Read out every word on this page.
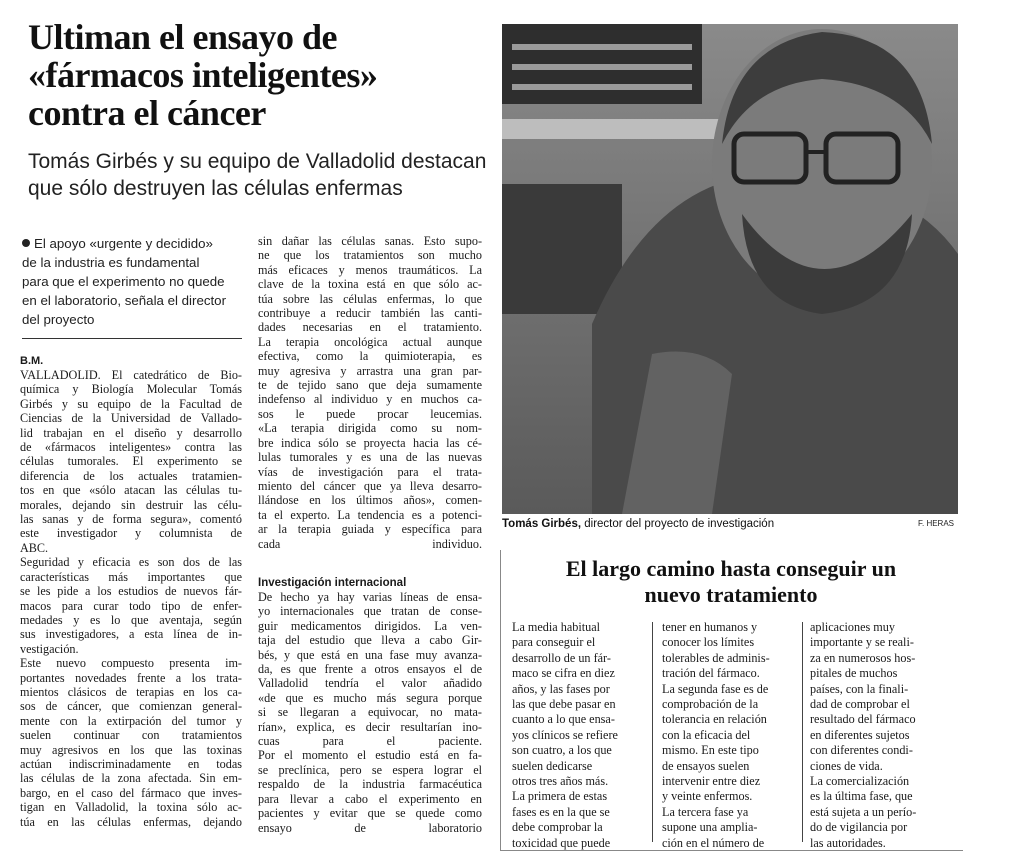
Ultiman el ensayo de
«fármacos inteligentes»
contra el cáncer
Tomás Girbés y su equipo de Valladolid destacan
que sólo destruyen las células enfermas
El apoyo «urgente y decidido»
de la industria es fundamental
para que el experimento no quede
en el laboratorio, señala el director
del proyecto
B.M.
VALLADOLID. El catedrático de Bio-
química y Biología Molecular Tomás
Girbés y su equipo de la Facultad de
Ciencias de la Universidad de Vallado-
lid trabajan en el diseño y desarrollo
de «fármacos inteligentes» contra las
células tumorales. El experimento se
diferencia de los actuales tratamien-
tos en que «sólo atacan las células tu-
morales, dejando sin destruir las célu-
las sanas y de forma segura», comentó
este investigador y columnista de
ABC.
Seguridad y eficacia es son dos de las
características más importantes que
se les pide a los estudios de nuevos fár-
macos para curar todo tipo de enfer-
medades y es lo que aventaja, según
sus investigadores, a esta línea de in-
vestigación.
Este nuevo compuesto presenta im-
portantes novedades frente a los trata-
mientos clásicos de terapias en los ca-
sos de cáncer, que comienzan general-
mente con la extirpación del tumor y
suelen continuar con tratamientos
muy agresivos en los que las toxinas
actúan indiscriminadamente en todas
las células de la zona afectada. Sin em-
bargo, en el caso del fármaco que inves-
tigan en Valladolid, la toxina sólo ac-
túa en las células enfermas, dejando
sin dañar las células sanas. Esto supo-
ne que los tratamientos son mucho
más eficaces y menos traumáticos. La
clave de la toxina está en que sólo ac-
túa sobre las células enfermas, lo que
contribuye a reducir también las canti-
dades necesarias en el tratamiento.
La terapia oncológica actual aunque
efectiva, como la quimioterapia, es
muy agresiva y arrastra una gran par-
te de tejido sano que deja sumamente
indefenso al individuo y en muchos ca-
sos le puede procar leucemias.
«La terapia dirigida como su nom-
bre indica sólo se proyecta hacia las cé-
lulas tumorales y es una de las nuevas
vías de investigación para el trata-
miento del cáncer que ya lleva desarro-
llándose en los últimos años», comen-
ta el experto. La tendencia es a potenci-
ar la terapia guiada y específica para
cada individuo.
Investigación internacional
De hecho ya hay varias líneas de ensa-
yo internacionales que tratan de conse-
guir medicamentos dirigidos. La ven-
taja del estudio que lleva a cabo Gir-
bés, y que está en una fase muy avanza-
da, es que frente a otros ensayos el de
Valladolid tendría el valor añadido
«de que es mucho más segura porque
si se llegaran a equivocar, no mata-
rían», explica, es decir resultarían ino-
cuas para el paciente.
Por el momento el estudio está en fa-
se preclínica, pero se espera lograr el
respaldo de la industria farmacéutica
para llevar a cabo el experimento en
pacientes y evitar que se quede como
ensayo de laboratorio
Tomás Girbés, director del proyecto de investigación	F. HERAS
El largo camino hasta conseguir un
nuevo tratamiento
La media habitual
para conseguir el
desarrollo de un fár-
maco se cifra en diez
años, y las fases por
las que debe pasar en
cuanto a lo que ensa-
yos clínicos se refiere
son cuatro, a los que
suelen dedicarse
otros tres años más.
La primera de estas
fases es en la que se
debe comprobar la
toxicidad que puede
tener en humanos y
conocer los límites
tolerables de adminis-
tración del fármaco.
La segunda fase es de
comprobación de la
tolerancia en relación
con la eficacia del
mismo. En este tipo
de ensayos suelen
intervenir entre diez
y veinte enfermos.
La tercera fase ya
supone una amplia-
ción en el número de
aplicaciones muy
importante y se reali-
za en numerosos hos-
pitales de muchos
países, con la finali-
dad de comprobar el
resultado del fármaco
en diferentes sujetos
con diferentes condi-
ciones de vida.
La comercialización
es la última fase, que
está sujeta a un perío-
do de vigilancia por
las autoridades.
